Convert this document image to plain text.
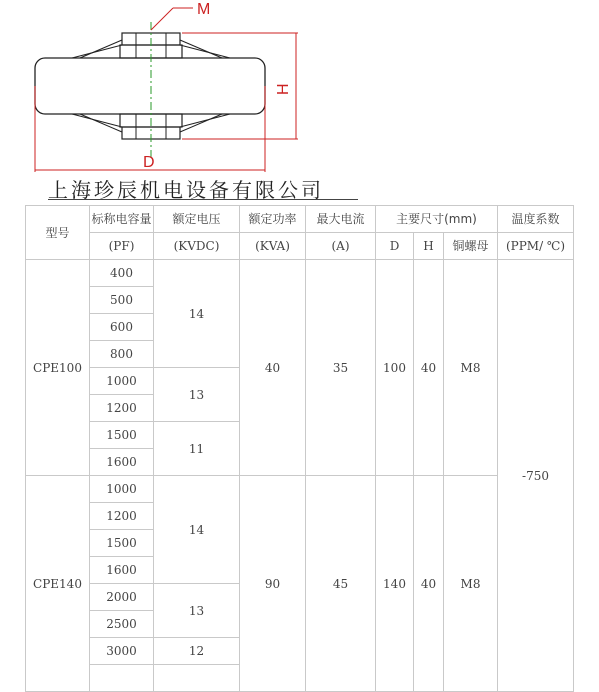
M
H
D
上海珍辰机电设备有限公司
型号	标称电容量	额定电压	额定功率	最大电流	主要尺寸(mm)			温度系数
	(PF)	(KVDC)	(KVA)	(A)	D	H	铜螺母	(PPM/ ℃)
CPE100	400	14	40	35	100	40	M8	-750
	500							
	600							
	800							
	1000	13						
	1200							
	1500	11						
	1600							
CPE140	1000	14	90	45	140	40	M8	
	1200							
	1500							
	1600							
	2000	13						
	2500							
	3000	12						
